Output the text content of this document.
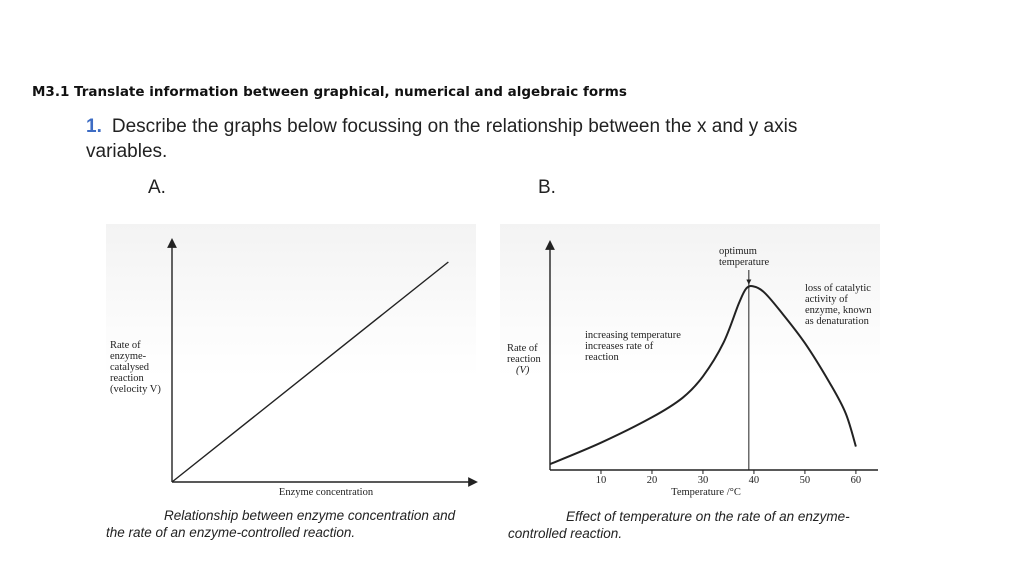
M3.1 Translate information between graphical, numerical and algebraic forms
1. Describe the graphs below focussing on the relationship between the x and y axis
variables.
A.	B.
Enzyme concentration
Rate of enzyme- catalysed reaction (velocity V)
10	20	30	40	50	60
Temperature /°C
Rate of reaction (V)
optimum temperature
increasing temperature increases rate of reaction
loss of catalytic activity of enzyme, known as denaturation
Relationship between enzyme concentration and
the rate of an enzyme-controlled reaction.
Effect of temperature on the rate of an enzyme-
controlled reaction.
